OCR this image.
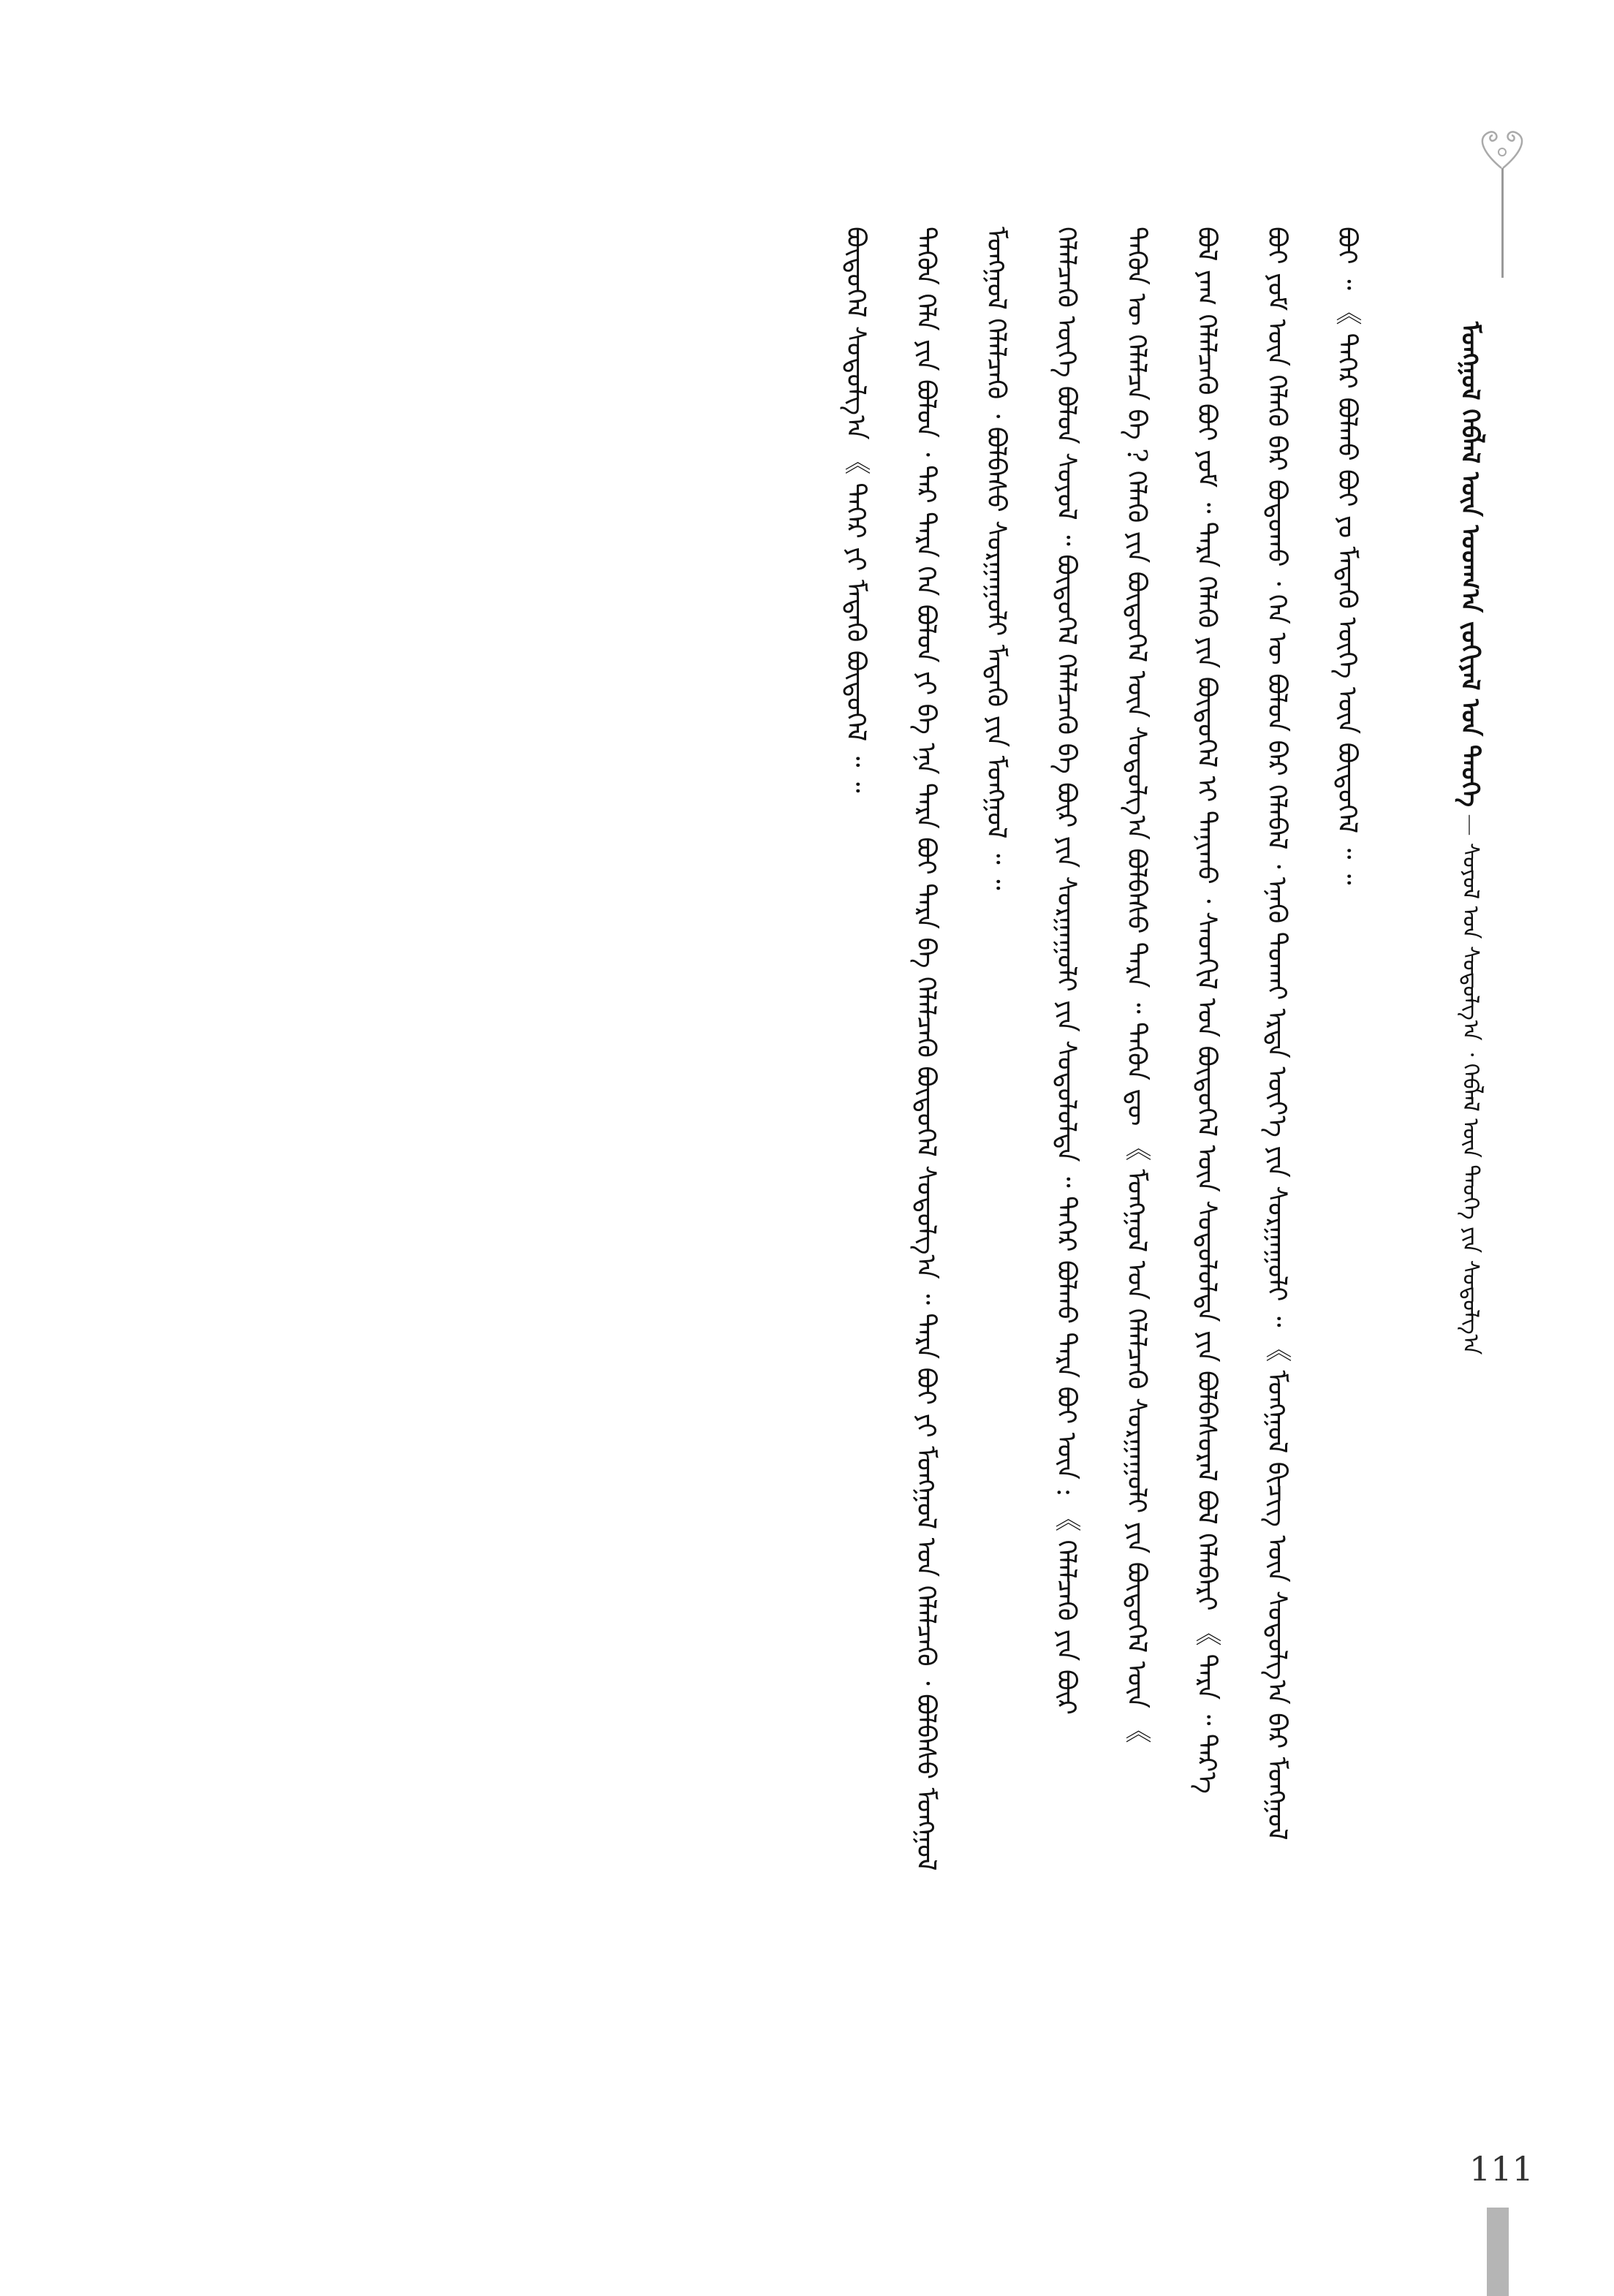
ᠮᠣᠩᠭᠣᠯ ᠬᠡᠪᠯᠡᠯ ᠦᠨ ᠤᠳᠬ᠎ᠠ ᠵᠣᠬᠢᠶᠠᠯ ᠤᠨ ᠲᠡᠦᠬᠡ — ᠰᠣᠶᠣᠯ ᠤᠨ ᠰᠤᠳᠤᠯᠭ᠎ᠠ ᠂ ᠬᠡᠪᠯᠡᠯ ᠦᠨ ᠲᠡᠦᠬᠡ ᠶᠢᠨ ᠰᠤᠳᠤᠯᠭ᠎ᠠ
ᠪᠤᠢ ᠃ 《 ᠲᠡᠭᠡᠷ ᠪᠣᠯᠬᠤ ᠪᠤᠢ ᠶᠤ ᠮᠡᠳᠡᠬᠦ ᠦᠭᠡ ᠦᠨ ᠪᠦᠲᠦᠭᠡᠯ ᠃ ᠃
ᠪᠤᠢ ᠶᠤᠮ ᠦᠨ ᠬᠡᠯᠡᠬᠦ ᠪᠡᠷ ᠪᠣᠳᠣᠬᠤ ᠂ ᠬᠡᠨ ᠦ ᠪᠣᠯᠤᠨ ᠪᠡᠷ ᠬᠡᠯᠡᠪᠡᠯ ᠂ ᠡᠨᠡᠬᠦ ᠲᠤᠬᠠᠢ ᠡᠷᠲᠡ ᠦᠶ᠎ᠡ ᠶᠢᠨ ᠰᠤᠷᠭᠠᠭᠤᠯᠢ ᠃ 《 ᠮᠣᠩᠭᠣᠯ ᠪᠢᠴᠢᠭ ᠦᠨ ᠰᠤᠳᠤᠯᠭ᠎ᠠ ᠪᠠᠷ ᠮᠣᠩᠭᠣᠯ
ᠪᠣᠯ ᠶᠠᠭ ᠬᠡᠯᠡᠯᠴᠡᠬᠦ ᠪᠤᠢ ᠶᠤᠮ ᠃ ᠲᠡᠷᠡ ᠬᠡᠯᠡᠬᠦ ᠶᠢᠨ ᠪᠦᠲᠦᠭᠡᠯ ᠢ ᠲᠠᠨᠢᠬᠤ ᠂ ᠰᠡᠳᠬᠢᠯ ᠤᠨ ᠪᠦᠲᠦᠭᠡᠯ ᠦᠨ ᠰᠤᠳᠤᠯᠤᠯᠲᠠ ᠶᠢᠨ ᠪᠣᠯᠪᠠᠰᠤᠷᠠᠯ ᠪᠣᠯ ᠬᠡᠯᠡᠪᠡᠷᠢ 《 ᠲᠡᠷᠡ ᠃ ᠲᠡᠷ᠎ᠡ
ᠲᠡᠭᠦᠨ ᠦ ᠬᠡᠯᠡᠯᠴᠡ ᠪᠠ ? ᠬᠡᠯᠡᠬᠦ ᠶᠢᠨ ᠪᠦᠲᠦᠭᠡᠯ ᠦᠨ ᠰᠤᠳᠤᠯᠭ᠎ᠠ ᠪᠣᠯᠪᠠᠰᠤ ᠲᠡᠷᠡ ᠃ ᠲᠡᠭᠦᠨ ᠳᠦ 《 ᠮᠣᠩᠭᠣᠯ ᠤᠨ ᠬᠡᠯᠡᠯᠴᠡᠬᠦ ᠰᠤᠷᠭᠠᠭᠤᠯᠢ ᠶᠢᠨ ᠪᠦᠲᠦᠭᠡᠯ ᠦᠨ 《
ᠬᠡᠯᠡᠯᠴᠡᠬᠦ ᠦᠭᠡ ᠪᠣᠯᠤᠨ ᠰᠣᠶᠣᠯ ᠃ ᠪᠦᠲᠦᠭᠡᠯ ᠬᠡᠯᠡᠯᠴᠡᠬᠦ ᠪᠠ ᠪᠦᠷ ᠶᠢᠨ ᠰᠤᠷᠭᠠᠭᠤᠯᠢ ᠶᠢᠨ ᠰᠤᠳᠤᠯᠤᠯᠲᠠ ᠃ ᠲᠡᠭᠡᠷ ᠪᠣᠯᠬᠤ ᠲᠡᠷᠡ ᠪᠤᠢ ᠦᠨ : 《 ᠬᠡᠯᠡᠯᠴᠡᠬᠦ ᠶᠢᠨ ᠪᠦᠷ
ᠮᠣᠩᠭᠣᠯ ᠬᠡᠯᠡᠯᠴᠡᠬᠦ ᠂ ᠪᠣᠯᠪᠠᠰᠤ ᠰᠤᠷᠭᠠᠭᠤᠯᠢ ᠮᠡᠳᠡᠬᠦ ᠶᠢᠨ ᠮᠣᠩᠭᠣᠯ ᠃ ᠃
ᠲᠡᠭᠦᠨ ᠬᠡᠯᠡ ᠶᠢᠨ ᠪᠣᠯᠤᠨ ᠂ ᠲᠡᠷ ᠲᠡᠷᠡ ᠬᠡᠨ ᠪᠣᠯᠤᠨ ᠶᠢ ᠪᠠ ᠡᠨᠡ ᠲᠡᠷᠡ ᠪᠤᠢ ᠲᠡᠷᠡ ᠪᠠ ᠬᠡᠯᠡᠯᠴᠡᠬᠦ ᠪᠦᠲᠦᠭᠡᠯ ᠰᠤᠳᠤᠯᠭ᠎ᠠ ᠃ ᠲᠡᠷᠡ ᠪᠤᠢ ᠶᠢ ᠮᠣᠩᠭᠣᠯ ᠤᠨ ᠬᠡᠯᠡᠯᠴᠡᠬᠦ ᠂ ᠪᠣᠯᠪᠠᠰᠤ ᠮᠣᠩᠭᠣᠯ
ᠪᠦᠲᠦᠭᠡᠯ ᠰᠤᠳᠤᠯᠭ᠎ᠠ 《 ᠲᠡᠭᠡᠷ ᠶᠢ ᠮᠡᠳᠡᠬᠦ ᠪᠦᠲᠦᠭᠡᠯ ᠃ ᠃
111
